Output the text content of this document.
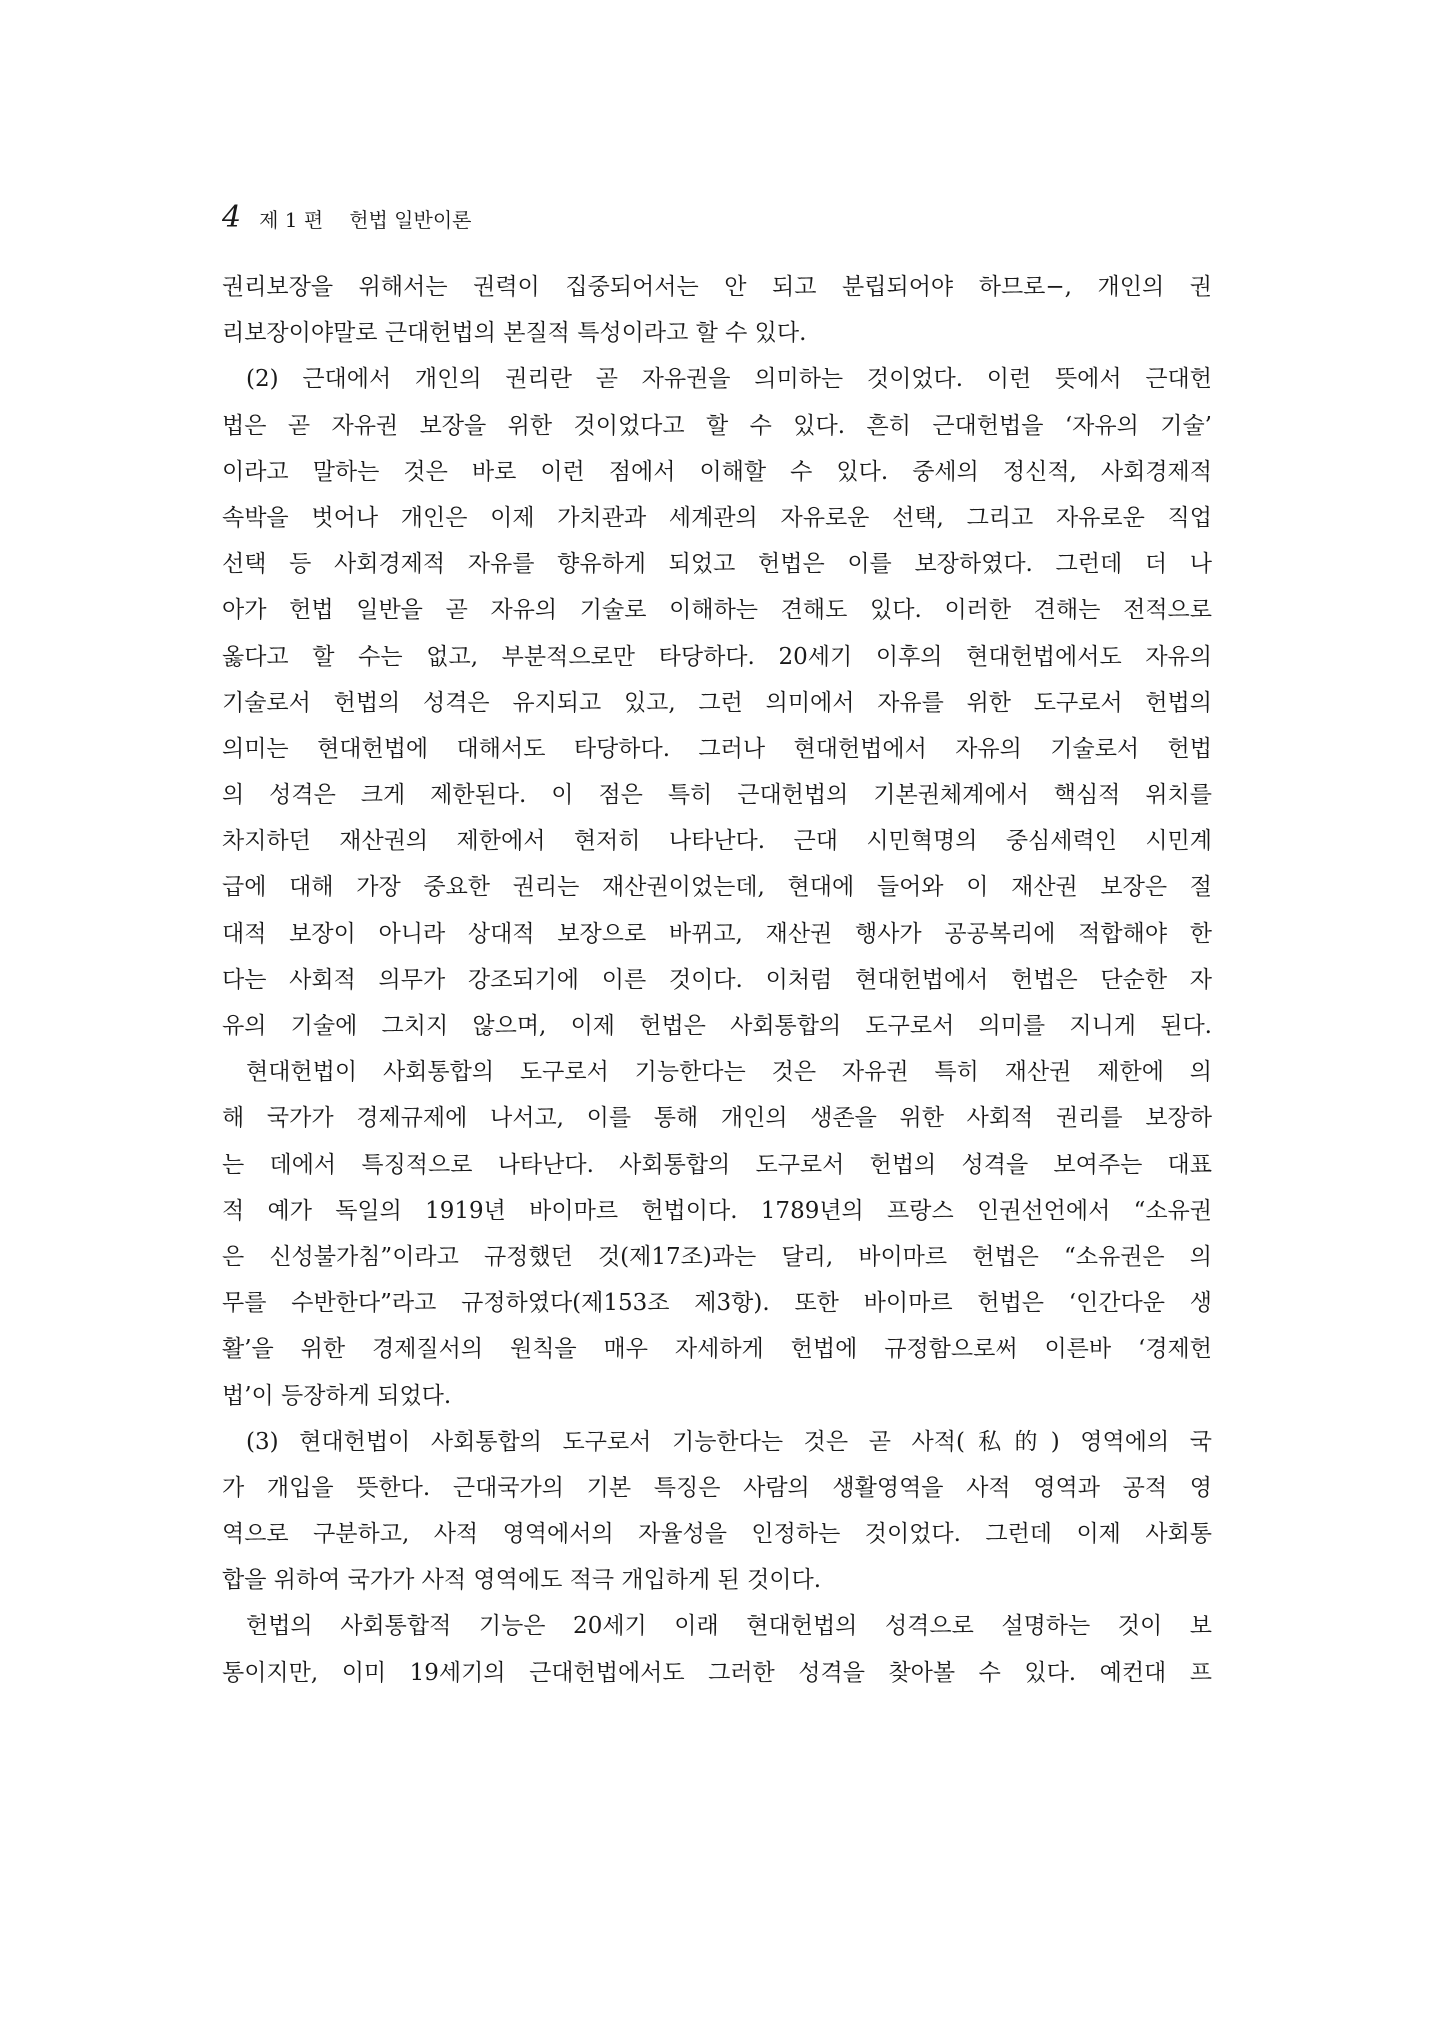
4 제 1 편 헌법 일반이론
권리보장을 위해서는 권력이 집중되어서는 안 되고 분립되어야 하므로−, 개인의 권
리보장이야말로 근대헌법의 본질적 특성이라고 할 수 있다.
(2) 근대에서 개인의 권리란 곧 자유권을 의미하는 것이었다. 이런 뜻에서 근대헌
법은 곧 자유권 보장을 위한 것이었다고 할 수 있다. 흔히 근대헌법을 ‘자유의 기술’
이라고 말하는 것은 바로 이런 점에서 이해할 수 있다. 중세의 정신적, 사회경제적
속박을 벗어나 개인은 이제 가치관과 세계관의 자유로운 선택, 그리고 자유로운 직업
선택 등 사회경제적 자유를 향유하게 되었고 헌법은 이를 보장하였다. 그런데 더 나
아가 헌법 일반을 곧 자유의 기술로 이해하는 견해도 있다. 이러한 견해는 전적으로
옳다고 할 수는 없고, 부분적으로만 타당하다. 20세기 이후의 현대헌법에서도 자유의
기술로서 헌법의 성격은 유지되고 있고, 그런 의미에서 자유를 위한 도구로서 헌법의
의미는 현대헌법에 대해서도 타당하다. 그러나 현대헌법에서 자유의 기술로서 헌법
의 성격은 크게 제한된다. 이 점은 특히 근대헌법의 기본권체계에서 핵심적 위치를
차지하던 재산권의 제한에서 현저히 나타난다. 근대 시민혁명의 중심세력인 시민계
급에 대해 가장 중요한 권리는 재산권이었는데, 현대에 들어와 이 재산권 보장은 절
대적 보장이 아니라 상대적 보장으로 바뀌고, 재산권 행사가 공공복리에 적합해야 한
다는 사회적 의무가 강조되기에 이른 것이다. 이처럼 현대헌법에서 헌법은 단순한 자
유의 기술에 그치지 않으며, 이제 헌법은 사회통합의 도구로서 의미를 지니게 된다.
현대헌법이 사회통합의 도구로서 기능한다는 것은 자유권 특히 재산권 제한에 의
해 국가가 경제규제에 나서고, 이를 통해 개인의 생존을 위한 사회적 권리를 보장하
는 데에서 특징적으로 나타난다. 사회통합의 도구로서 헌법의 성격을 보여주는 대표
적 예가 독일의 1919년 바이마르 헌법이다. 1789년의 프랑스 인권선언에서 “소유권
은 신성불가침”이라고 규정했던 것(제17조)과는 달리, 바이마르 헌법은 “소유권은 의
무를 수반한다”라고 규정하였다(제153조 제3항). 또한 바이마르 헌법은 ‘인간다운 생
활’을 위한 경제질서의 원칙을 매우 자세하게 헌법에 규정함으로써 이른바 ‘경제헌
법’이 등장하게 되었다.
(3) 현대헌법이 사회통합의 도구로서 기능한다는 것은 곧 사적(私的) 영역에의 국
가 개입을 뜻한다. 근대국가의 기본 특징은 사람의 생활영역을 사적 영역과 공적 영
역으로 구분하고, 사적 영역에서의 자율성을 인정하는 것이었다. 그런데 이제 사회통
합을 위하여 국가가 사적 영역에도 적극 개입하게 된 것이다.
헌법의 사회통합적 기능은 20세기 이래 현대헌법의 성격으로 설명하는 것이 보
통이지만, 이미 19세기의 근대헌법에서도 그러한 성격을 찾아볼 수 있다. 예컨대 프
